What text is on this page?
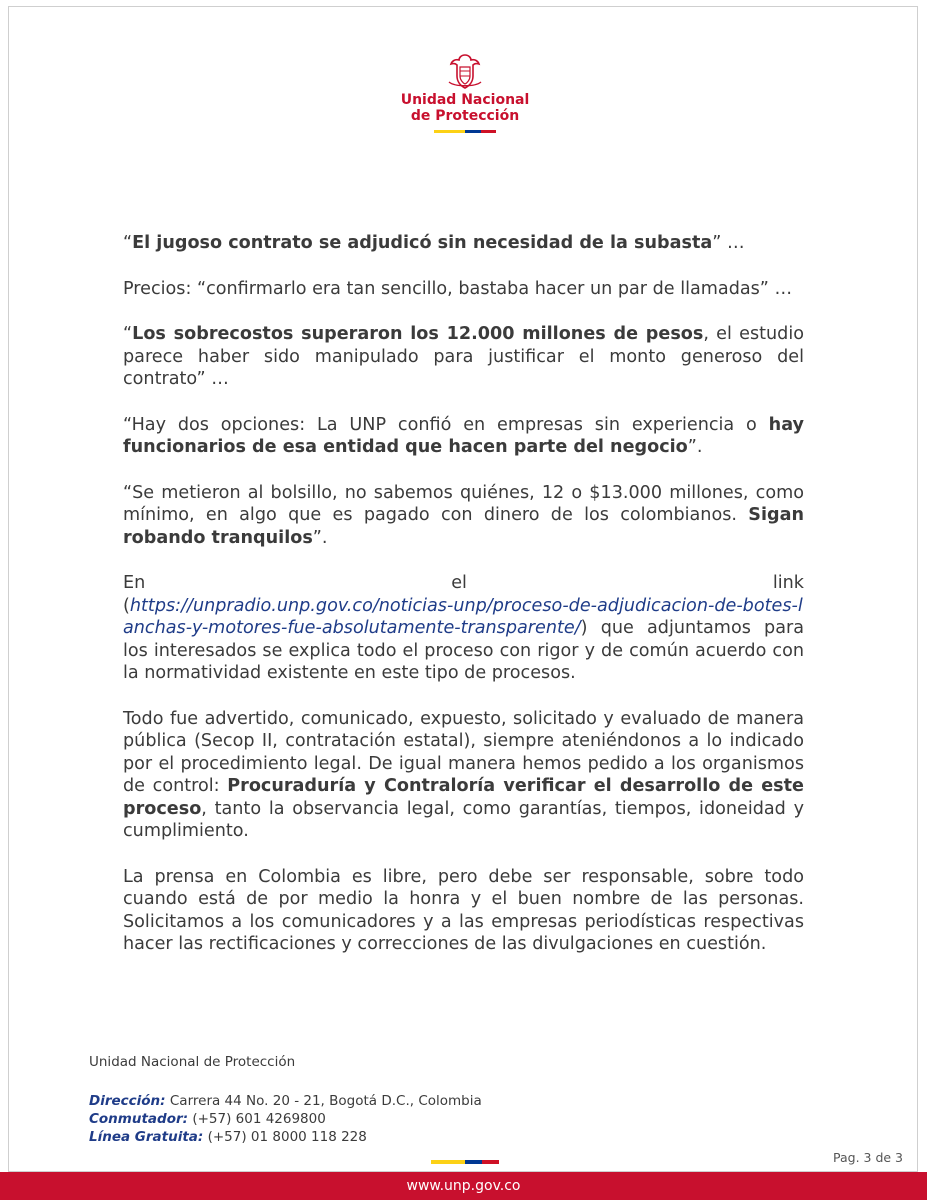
Unidad Nacional
de Protección

“El jugoso contrato se adjudicó sin necesidad de la subasta” …

Precios: “confirmarlo era tan sencillo, bastaba hacer un par de llamadas” …

“Los sobrecostos superaron los 12.000 millones de pesos, el estudio parece haber sido manipulado para justificar el monto generoso del contrato” …

“Hay dos opciones: La UNP confió en empresas sin experiencia o hay funcionarios de esa entidad que hacen parte del negocio”.

“Se metieron al bolsillo, no sabemos quiénes, 12 o $13.000 millones, como mínimo, en algo que es pagado con dinero de los colombianos. Sigan robando tranquilos”.

En	el	link
(https://unpradio.unp.gov.co/noticias-unp/proceso-de-adjudicacion-de-botes-lanchas-y-motores-fue-absolutamente-transparente/) que adjuntamos para los interesados se explica todo el proceso con rigor y de común acuerdo con la normatividad existente en este tipo de procesos.

Todo fue advertido, comunicado, expuesto, solicitado y evaluado de manera pública (Secop II, contratación estatal), siempre ateniéndonos a lo indicado por el procedimiento legal. De igual manera hemos pedido a los organismos de control: Procuraduría y Contraloría verificar el desarrollo de este proceso, tanto la observancia legal, como garantías, tiempos, idoneidad y cumplimiento.

La prensa en Colombia es libre, pero debe ser responsable, sobre todo cuando está de por medio la honra y el buen nombre de las personas. Solicitamos a los comunicadores y a las empresas periodísticas respectivas hacer las rectificaciones y correcciones de las divulgaciones en cuestión.

Unidad Nacional de Protección
Dirección: Carrera 44 No. 20 - 21, Bogotá D.C., Colombia
Conmutador: (+57) 601 4269800
Línea Gratuita: (+57) 01 8000 118 228
Pag. 3 de 3
www.unp.gov.co
